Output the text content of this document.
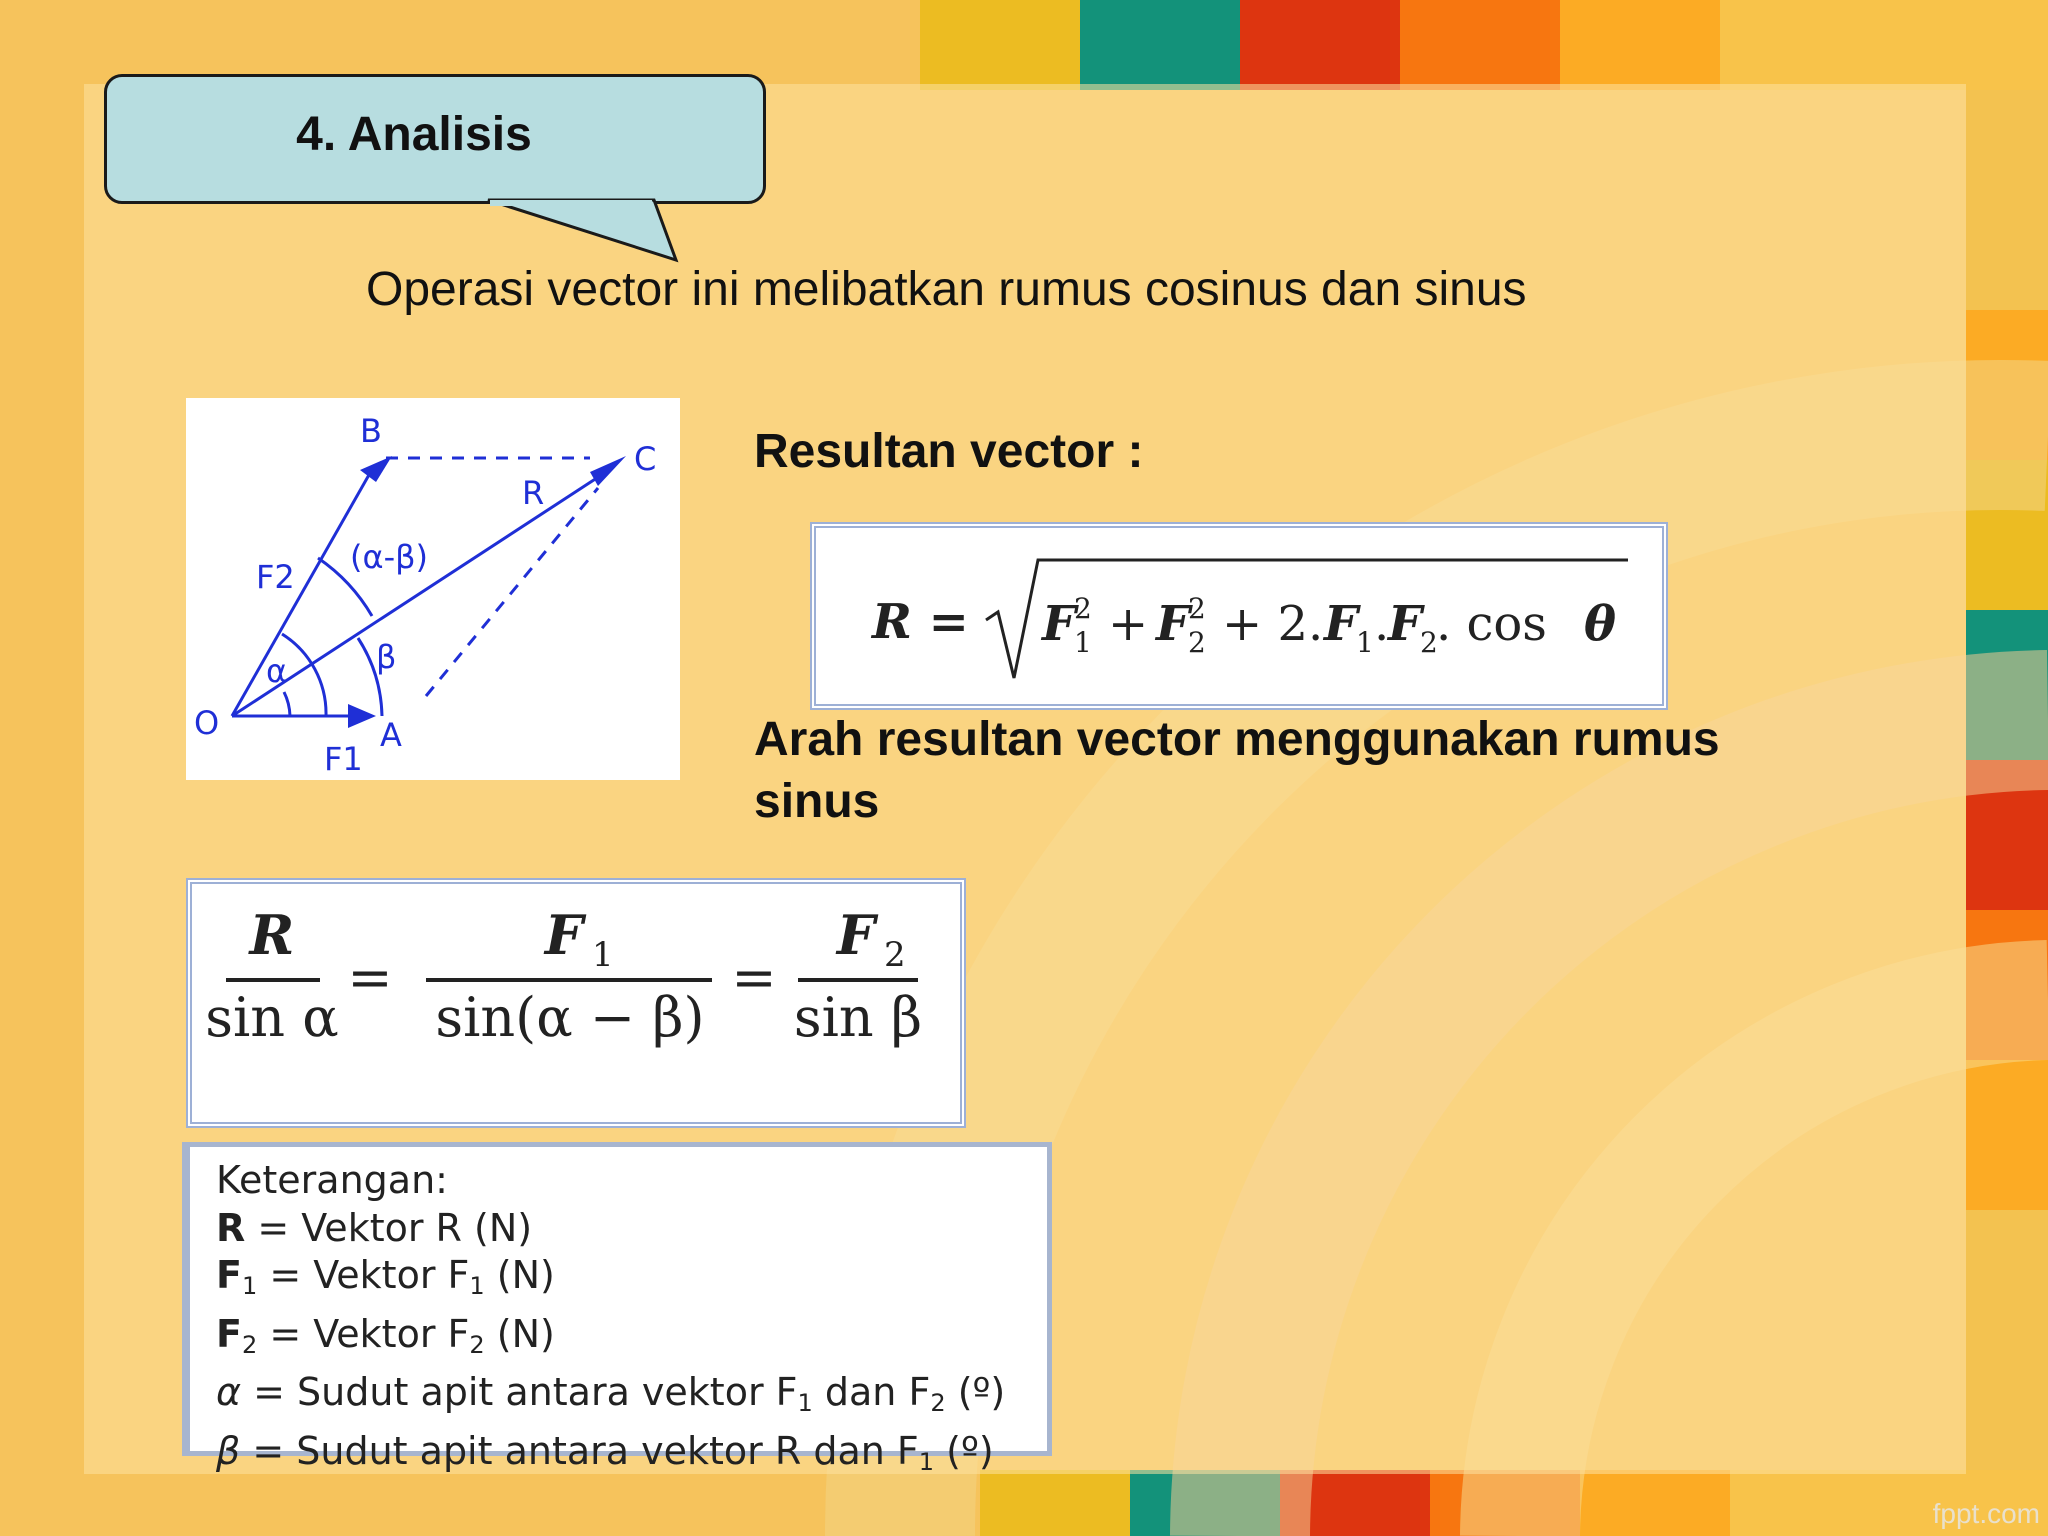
4. Analisis
Operasi vector ini melibatkan rumus cosinus dan sinus
O	A
B
C
R
F1
F2
α	β
(α-β)
Resultan vector :
R = F
2
1 + F
2
2 + 2. F
1 .
F
2
. cos θ
Arah resultan vector menggunakan rumus
sinus
R
sin α
=
F 1
sin(α − β)
=
F 2
sin β
Keterangan:
R = Vektor R (N)
$F_1$ = Vektor $F_1$ (N)
$F_2$ = Vektor $F_2$ (N)
α = Sudut apit antara vektor $F_1$ dan $F_2$ (º)
β = Sudut apit antara vektor R dan $F_1$ (º)
fppt.com
